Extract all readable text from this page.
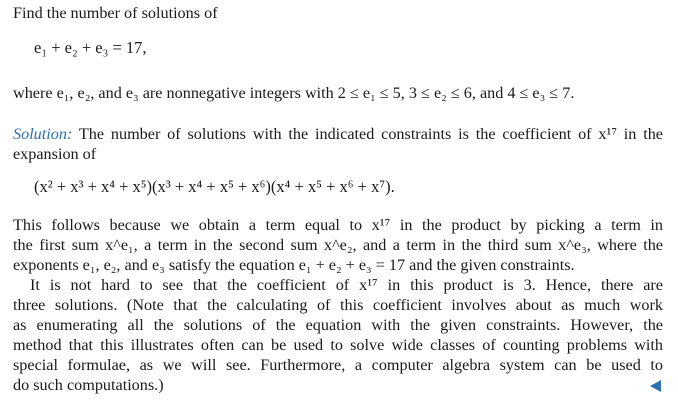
Find the number of solutions of
e₁ + e₂ + e₃ = 17,
where e₁, e₂, and e₃ are nonnegative integers with 2 ≤ e₁ ≤ 5, 3 ≤ e₂ ≤ 6, and 4 ≤ e₃ ≤ 7.
Solution: The number of solutions with the indicated constraints is the coefficient of x¹⁷ in the
expansion of
(x² + x³ + x⁴ + x⁵)(x³ + x⁴ + x⁵ + x⁶)(x⁴ + x⁵ + x⁶ + x⁷).
This follows because we obtain a term equal to x¹⁷ in the product by picking a term in
the first sum x^e₁, a term in the second sum x^e₂, and a term in the third sum x^e₃, where the
exponents e₁, e₂, and e₃ satisfy the equation e₁ + e₂ + e₃ = 17 and the given constraints.
It is not hard to see that the coefficient of x¹⁷ in this product is 3. Hence, there are
three solutions. (Note that the calculating of this coefficient involves about as much work
as enumerating all the solutions of the equation with the given constraints. However, the
method that this illustrates often can be used to solve wide classes of counting problems with
special formulae, as we will see. Furthermore, a computer algebra system can be used to
do such computations.)
